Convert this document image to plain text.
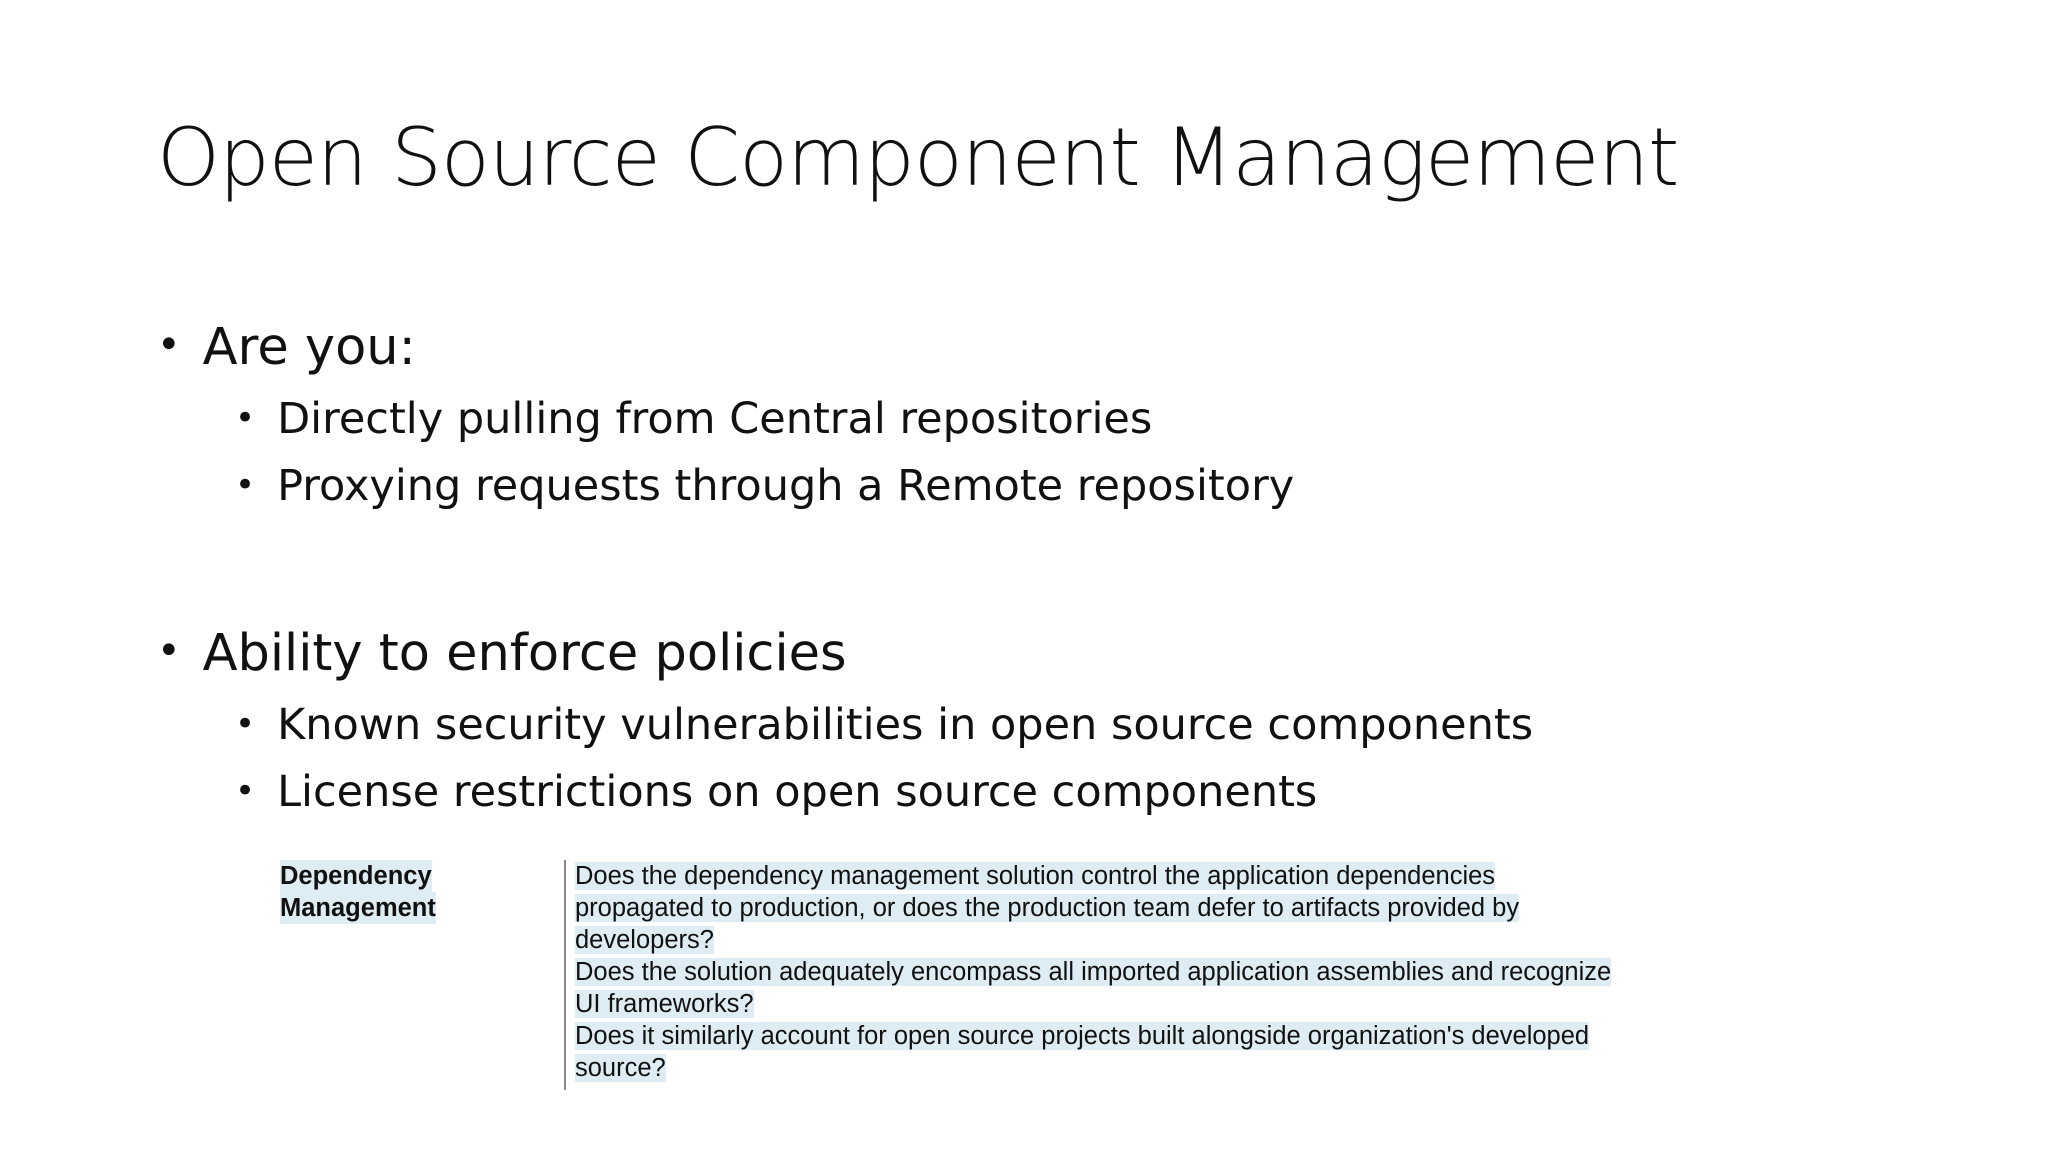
Open Source Component Management
• Are you:
• Directly pulling from Central repositories
• Proxying requests through a Remote repository
• Ability to enforce policies
• Known security vulnerabilities in open source components
• License restrictions on open source components
Dependency
Management
Does the dependency management solution control the application dependencies
propagated to production, or does the production team defer to artifacts provided by
developers?
Does the solution adequately encompass all imported application assemblies and recognize
UI frameworks?
Does it similarly account for open source projects built alongside organization's developed
source?
